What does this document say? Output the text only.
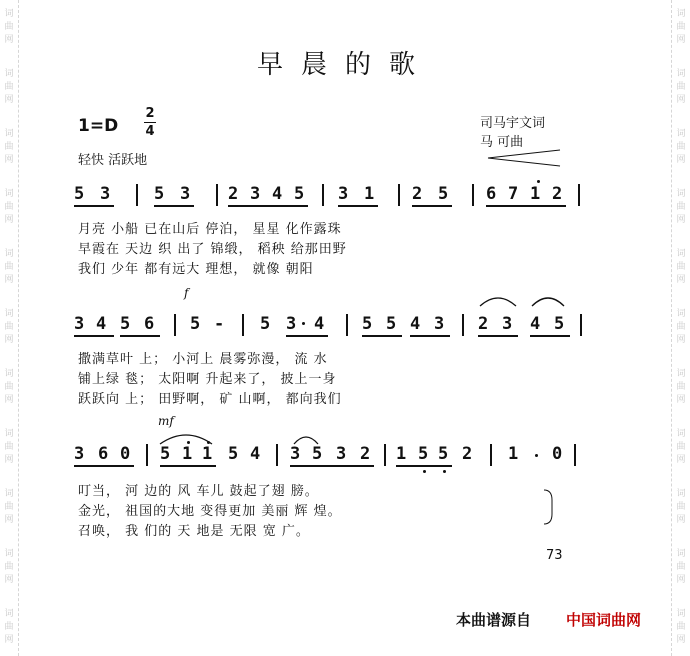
词
曲
网
词
曲
网
词
曲
网
词
曲
网
词
曲
网
词
曲
网
词
曲
网
词
曲
网
词
曲
网
词
曲
网
词
曲
网
词
曲
网
词
曲
网
词
曲
网
词
曲
网
词
曲
网
词
曲
网
词
曲
网
词
曲
网
词
曲
网
词
曲
网
词
曲
网
早晨的歌
1=D
2
4
轻快 活跃地
司马宇文词
马 可曲
5 3	5 3 2 3 4 5 3 1 2 5 6 7 1 2
月亮 小船 已在山后 停泊， 星星 化作露珠
早霞在 天边 织 出了 锦缎， 稻秧 给那田野
我们 少年 都有远大 理想， 就像 朝阳
f
3 4 5 6 5 - 5 3 4 5 5 4 3 2 3 4 5
撒满草叶 上； 小河上 晨雾弥漫， 流 水
铺上绿 毯； 太阳啊 升起来了， 披上一身
跃跃向 上； 田野啊， 矿 山啊， 都向我们
mf
3 6 0 5 1 1 5 4 3 5 3 2 1 5 5 2 1 0
叮当， 河 边的 风 车儿 鼓起了翅 膀。
金光， 祖国的大地 变得更加 美丽 辉 煌。
召唤， 我 们的 天 地是 无限 宽 广。
73
本曲谱源自 中国词曲网
